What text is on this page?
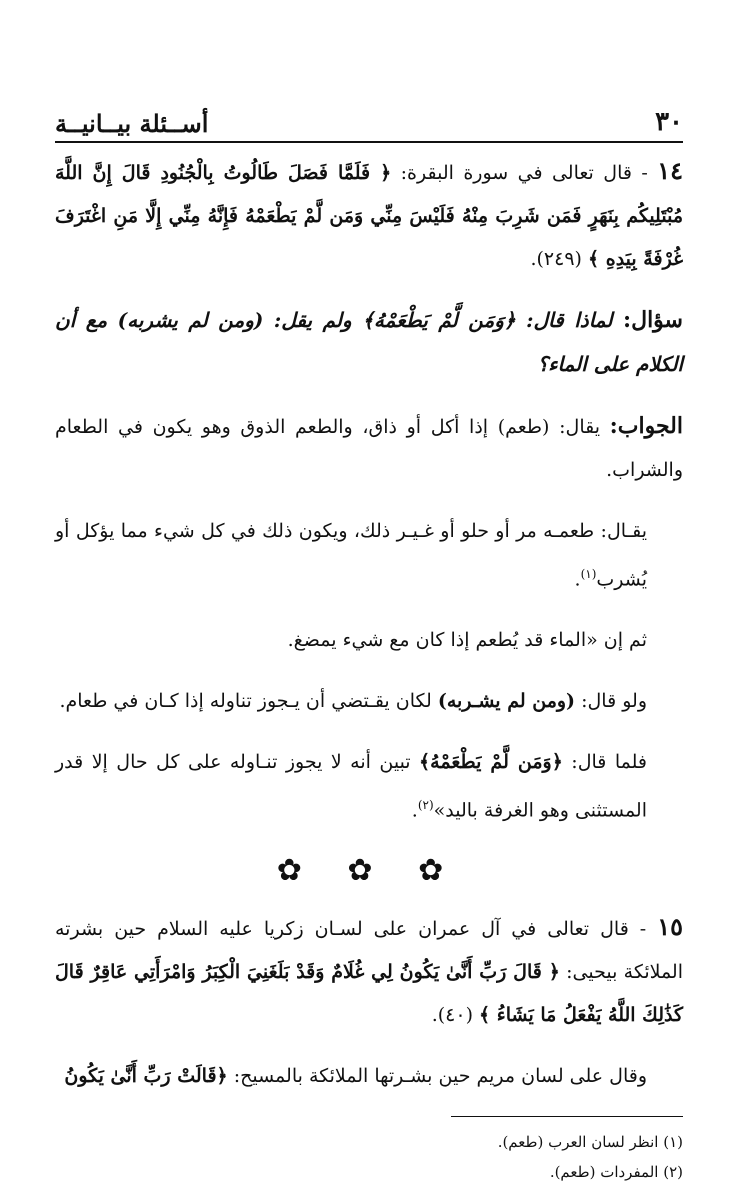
٣٠
أســئلة بيــانيــة

١٤ - قال تعالى في سورة البقرة: ﴿ فَلَمَّا فَصَلَ طَالُوتُ بِالْجُنُودِ قَالَ إِنَّ اللَّهَ مُبْتَلِيكُم بِنَهَرٍ فَمَن شَرِبَ مِنْهُ فَلَيْسَ مِنِّي وَمَن لَّمْ يَطْعَمْهُ فَإِنَّهُ مِنِّي إِلَّا مَنِ اغْتَرَفَ غُرْفَةً بِيَدِهِ ﴾ (٢٤٩).

سؤال: لماذا قال: ﴿وَمَن لَّمْ يَطْعَمْهُ﴾ ولم يقل: (ومن لم يشربه) مع أن الكلام على الماء؟

الجواب: يقال: (طعم) إذا أكل أو ذاق، والطعم الذوق وهو يكون في الطعام والشراب.

يقـال: طعمـه مر أو حلو أو غـيـر ذلك، ويكون ذلك في كل شيء مما يؤكل أو يُشرب$^{(١)}$.

ثم إن «الماء قد يُطعم إذا كان مع شيء يمضغ.

ولو قال: (ومن لم يشـربه) لكان يقـتضي أن يـجوز تناوله إذا كـان في طعام.

فلما قال: ﴿وَمَن لَّمْ يَطْعَمْهُ﴾ تبين أنه لا يجوز تنـاوله على كل حال إلا قدر المستثنى وهو الغرفة باليد»$^{(٢)}$.

✿ ✿ ✿

١٥ - قال تعالى في آل عمران على لسـان زكريا عليه السلام حين بشرته الملائكة بيحيى: ﴿ قَالَ رَبِّ أَنَّىٰ يَكُونُ لِي غُلَامٌ وَقَدْ بَلَغَنِيَ الْكِبَرُ وَامْرَأَتِي عَاقِرٌ قَالَ كَذَٰلِكَ اللَّهُ يَفْعَلُ مَا يَشَاءُ ﴾ (٤٠).

وقال على لسان مريم حين بشـرتها الملائكة بالمسيح: ﴿قَالَتْ رَبِّ أَنَّىٰ يَكُونُ

(١) انظر لسان العرب (طعم).

(٢) المفردات (طعم).
